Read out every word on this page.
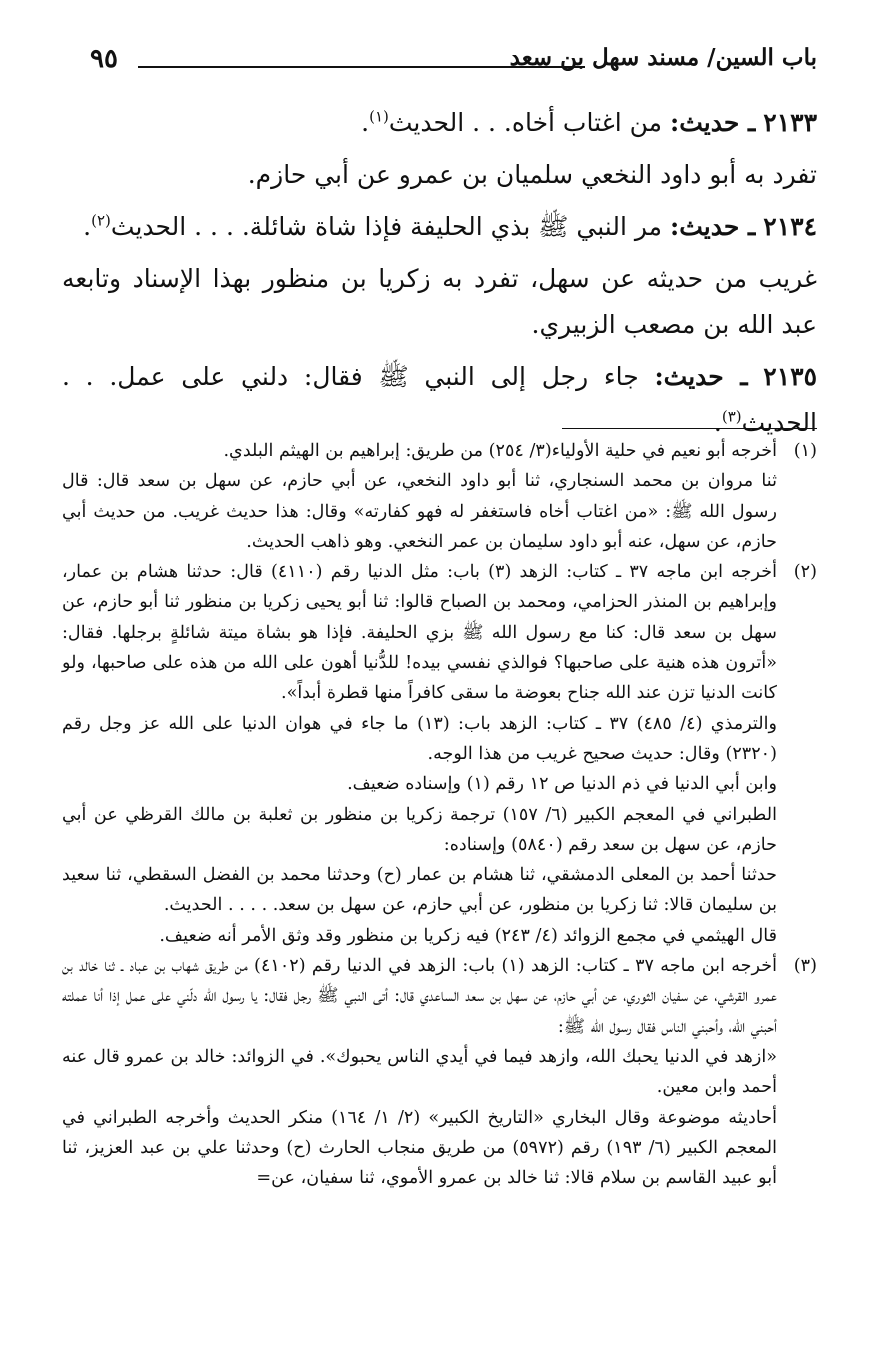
٩٥	باب السين/ مسند سهل بن سعد

٢١٣٣ ـ حديث: من اغتاب أخاه. . . الحديث$^{(١)}$.

تفرد به أبو داود النخعي سلميان بن عمرو عن أبي حازم.

٢١٣٤ ـ حديث: مر النبي ﷺ بذي الحليفة فإذا شاة شائلة. . . . الحديث$^{(٢)}$.

غريب من حديثه عن سهل، تفرد به زكريا بن منظور بهذا الإسناد وتابعه عبد الله بن مصعب الزبيري.

٢١٣٥ ـ حديث: جاء رجل إلى النبي ﷺ فقال: دلني على عمل. . . الحديث$^{(٣)}$.

(١)

أخرجه أبو نعيم في حلية الأولياء(٣/ ٢٥٤) من طريق: إبراهيم بن الهيثم البلدي.

ثنا مروان بن محمد السنجاري، ثنا أبو داود النخعي، عن أبي حازم، عن سهل بن سعد قال: قال رسول الله ﷺ: «من اغتاب أخاه فاستغفر له فهو كفارته» وقال: هذا حديث غريب. من حديث أبي حازم، عن سهل، عنه أبو داود سليمان بن عمر النخعي. وهو ذاهب الحديث.

(٢)

أخرجه ابن ماجه ٣٧ ـ كتاب: الزهد (٣) باب: مثل الدنيا رقم (٤١١٠) قال: حدثنا هشام بن عمار، وإبراهيم بن المنذر الحزامي، ومحمد بن الصباح قالوا: ثنا أبو يحيى زكريا بن منظور ثنا أبو حازم، عن سهل بن سعد قال: كنا مع رسول الله ﷺ بزي الحليفة. فإذا هو بشاة ميتة شائلةٍ برجلها. فقال: «أترون هذه هنية على صاحبها؟ فوالذي نفسي بيده! للدُّنيا أهون على الله من هذه على صاحبها، ولو كانت الدنيا تزن عند الله جناح بعوضة ما سقى كافراً منها قطرة أبداً».

والترمذي (٤/ ٤٨٥) ٣٧ ـ كتاب: الزهد باب: (١٣) ما جاء في هوان الدنيا على الله عز وجل رقم (٢٣٢٠) وقال: حديث صحيح غريب من هذا الوجه.

وابن أبي الدنيا في ذم الدنيا ص ١٢ رقم (١) وإسناده ضعيف.

الطبراني في المعجم الكبير (٦/ ١٥٧) ترجمة زكريا بن منظور بن ثعلبة بن مالك القرظي عن أبي حازم، عن سهل بن سعد رقم (٥٨٤٠) وإسناده:

حدثنا أحمد بن المعلى الدمشقي، ثنا هشام بن عمار (ح) وحدثنا محمد بن الفضل السقطي، ثنا سعيد بن سليمان قالا: ثنا زكريا بن منظور، عن أبي حازم، عن سهل بن سعد. . . . . الحديث.

قال الهيثمي في مجمع الزوائد (٤/ ٢٤٣) فيه زكريا بن منظور وقد وثق الأمر أنه ضعيف.

(٣)

أخرجه ابن ماجه ٣٧ ـ كتاب: الزهد (١) باب: الزهد في الدنيا رقم (٤١٠٢) من طريق شهاب بن عباد ـ ثنا خالد بن عمرو القرشي، عن سفيان الثوري، عن أبي حازم، عن سهل بن سعد الساعدي قال: أتى النبي ﷺ رجل فقال: يا رسول الله دلّني على عمل إذا أنا عملته أحبني الله، وأحبني الناس فقال رسول الله ﷺ:

«ازهد في الدنيا يحبك الله، وازهد فيما في أيدي الناس يحبوك». في الزوائد: خالد بن عمرو قال عنه أحمد وابن معين.

أحاديثه موضوعة وقال البخاري «التاريخ الكبير» (٢/ ١/ ١٦٤) منكر الحديث وأخرجه الطبراني في المعجم الكبير (٦/ ١٩٣) رقم (٥٩٧٢) من طريق منجاب الحارث (ح) وحدثنا علي بن عبد العزيز، ثنا أبو عبيد القاسم بن سلام قالا: ثنا خالد بن عمرو الأموي، ثنا سفيان، عن=
